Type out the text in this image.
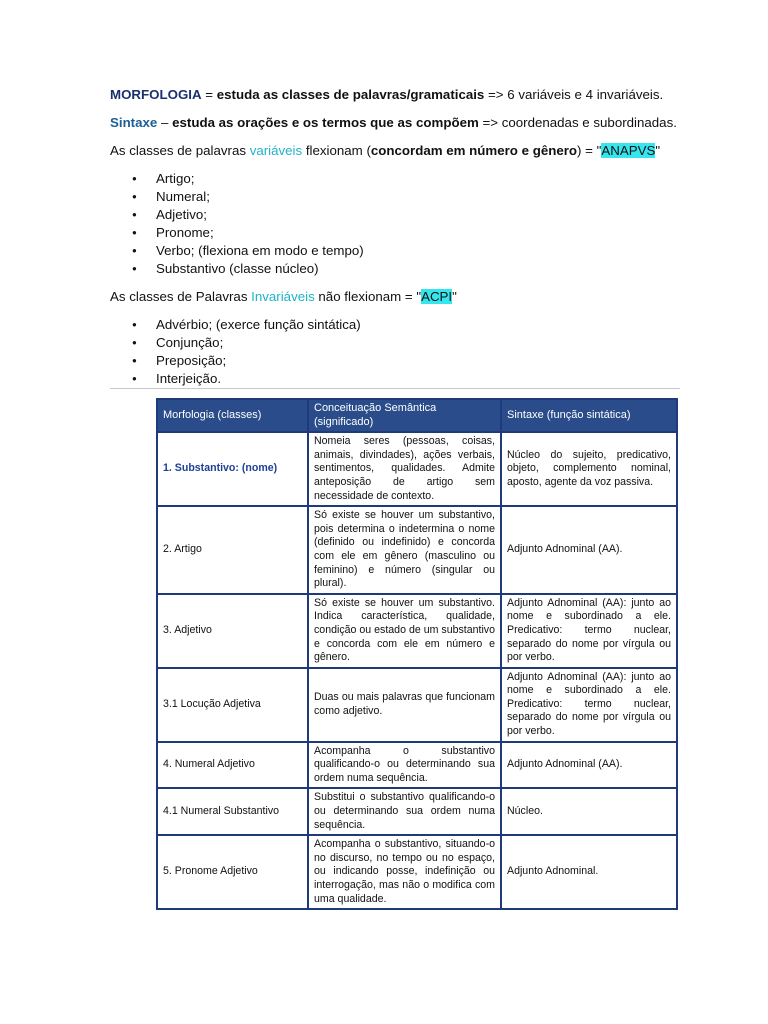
MORFOLOGIA = estuda as classes de palavras/gramaticais => 6 variáveis e 4 invariáveis.

Sintaxe – estuda as orações e os termos que as compõem => coordenadas e subordinadas.

As classes de palavras variáveis flexionam (concordam em número e gênero) = "ANAPVS"

● Artigo;
● Numeral;
● Adjetivo;
● Pronome;
● Verbo; (flexiona em modo e tempo)
● Substantivo (classe núcleo)

As classes de Palavras Invariáveis não flexionam = "ACPI"

● Advérbio; (exerce função sintática)
● Conjunção;
● Preposição;
● Interjeição.
Morfologia (classes)	Conceituação Semântica (significado)	Sintaxe (função sintática)
1. Substantivo: (nome)	Nomeia seres (pessoas, coisas, animais, divindades), ações verbais, sentimentos, qualidades. Admite anteposição de artigo sem necessidade de contexto.	Núcleo do sujeito, predicativo, objeto, complemento nominal, aposto, agente da voz passiva.
2. Artigo	Só existe se houver um substantivo, pois determina o indetermina o nome (definido ou indefinido) e concorda com ele em gênero (masculino ou feminino) e número (singular ou plural).	Adjunto Adnominal (AA).
3. Adjetivo	Só existe se houver um substantivo. Indica característica, qualidade, condição ou estado de um substantivo e concorda com ele em número e gênero.	Adjunto Adnominal (AA): junto ao nome e subordinado a ele. Predicativo: termo nuclear, separado do nome por vírgula ou por verbo.
3.1 Locução Adjetiva	Duas ou mais palavras que funcionam como adjetivo.	Adjunto Adnominal (AA): junto ao nome e subordinado a ele. Predicativo: termo nuclear, separado do nome por vírgula ou por verbo.
4. Numeral Adjetivo	Acompanha o substantivo qualificando-o ou determinando sua ordem numa sequência.	Adjunto Adnominal (AA).
4.1 Numeral Substantivo	Substitui o substantivo qualificando-o ou determinando sua ordem numa sequência.	Núcleo.
5. Pronome Adjetivo	Acompanha o substantivo, situando-o no discurso, no tempo ou no espaço, ou indicando posse, indefinição ou interrogação, mas não o modifica com uma qualidade.	Adjunto Adnominal.
